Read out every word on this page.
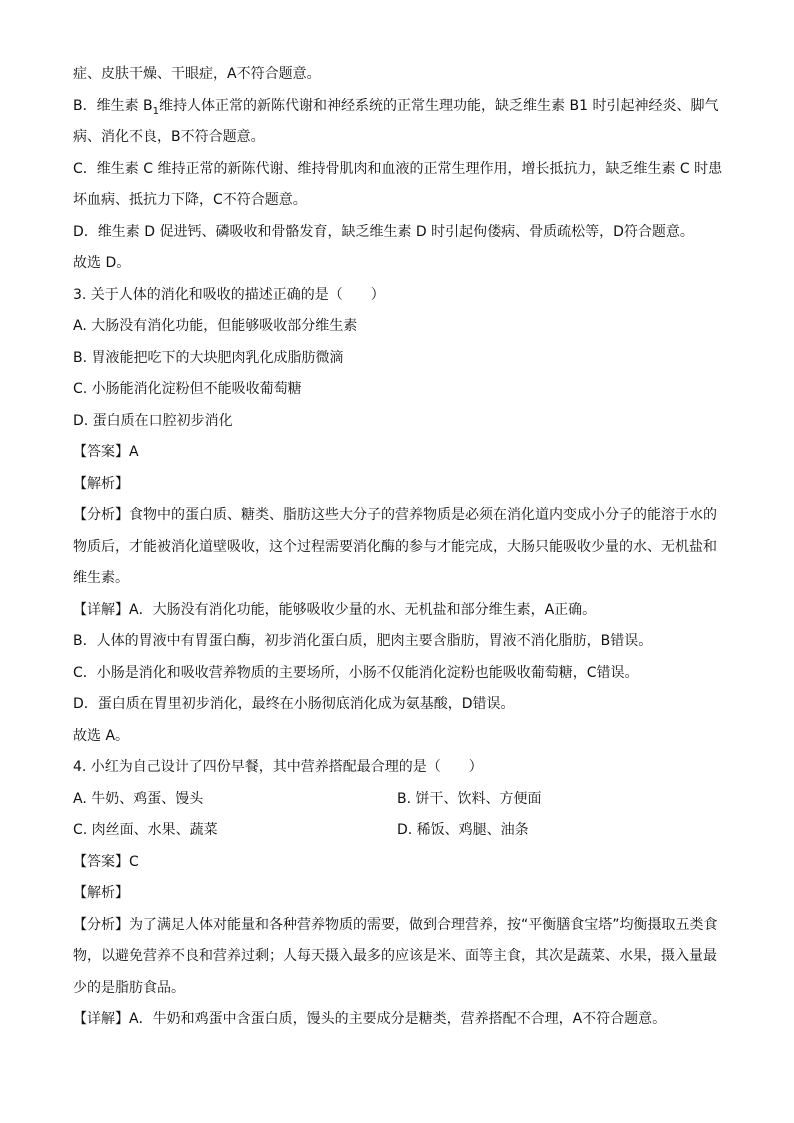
症、皮肤干燥、干眼症，A不符合题意。
B．维生素 $B_1$维持人体正常的新陈代谢和神经系统的正常生理功能，缺乏维生素 B1 时引起神经炎、脚气
病、消化不良，B不符合题意。
C．维生素 C 维持正常的新陈代谢、维持骨肌肉和血液的正常生理作用，增长抵抗力，缺乏维生素 C 时患
坏血病、抵抗力下降，C不符合题意。
D．维生素 D 促进钙、磷吸收和骨骼发育，缺乏维生素 D 时引起佝偻病、骨质疏松等，D符合题意。
故选 D。
3. 关于人体的消化和吸收的描述正确的是（　　）
A. 大肠没有消化功能，但能够吸收部分维生素
B. 胃液能把吃下的大块肥肉乳化成脂肪微滴
C. 小肠能消化淀粉但不能吸收葡萄糖
D. 蛋白质在口腔初步消化
【答案】A
【解析】
【分析】食物中的蛋白质、糖类、脂肪这些大分子的营养物质是必须在消化道内变成小分子的能溶于水的
物质后，才能被消化道壁吸收，这个过程需要消化酶的参与才能完成，大肠只能吸收少量的水、无机盐和
维生素。
【详解】A．大肠没有消化功能，能够吸收少量的水、无机盐和部分维生素，A正确。
B．人体的胃液中有胃蛋白酶，初步消化蛋白质，肥肉主要含脂肪，胃液不消化脂肪，B错误。
C．小肠是消化和吸收营养物质的主要场所，小肠不仅能消化淀粉也能吸收葡萄糖，C错误。
D．蛋白质在胃里初步消化，最终在小肠彻底消化成为氨基酸，D错误。
故选 A。
4. 小红为自己设计了四份早餐，其中营养搭配最合理的是（　　）
A. 牛奶、鸡蛋、馒头	B. 饼干、饮料、方便面
C. 肉丝面、水果、蔬菜	D. 稀饭、鸡腿、油条
【答案】C
【解析】
【分析】为了满足人体对能量和各种营养物质的需要，做到合理营养，按“平衡膳食宝塔”均衡摄取五类食
物，以避免营养不良和营养过剩；人每天摄入最多的应该是米、面等主食，其次是蔬菜、水果，摄入量最
少的是脂肪食品。
【详解】A．牛奶和鸡蛋中含蛋白质，馒头的主要成分是糖类，营养搭配不合理，A不符合题意。
